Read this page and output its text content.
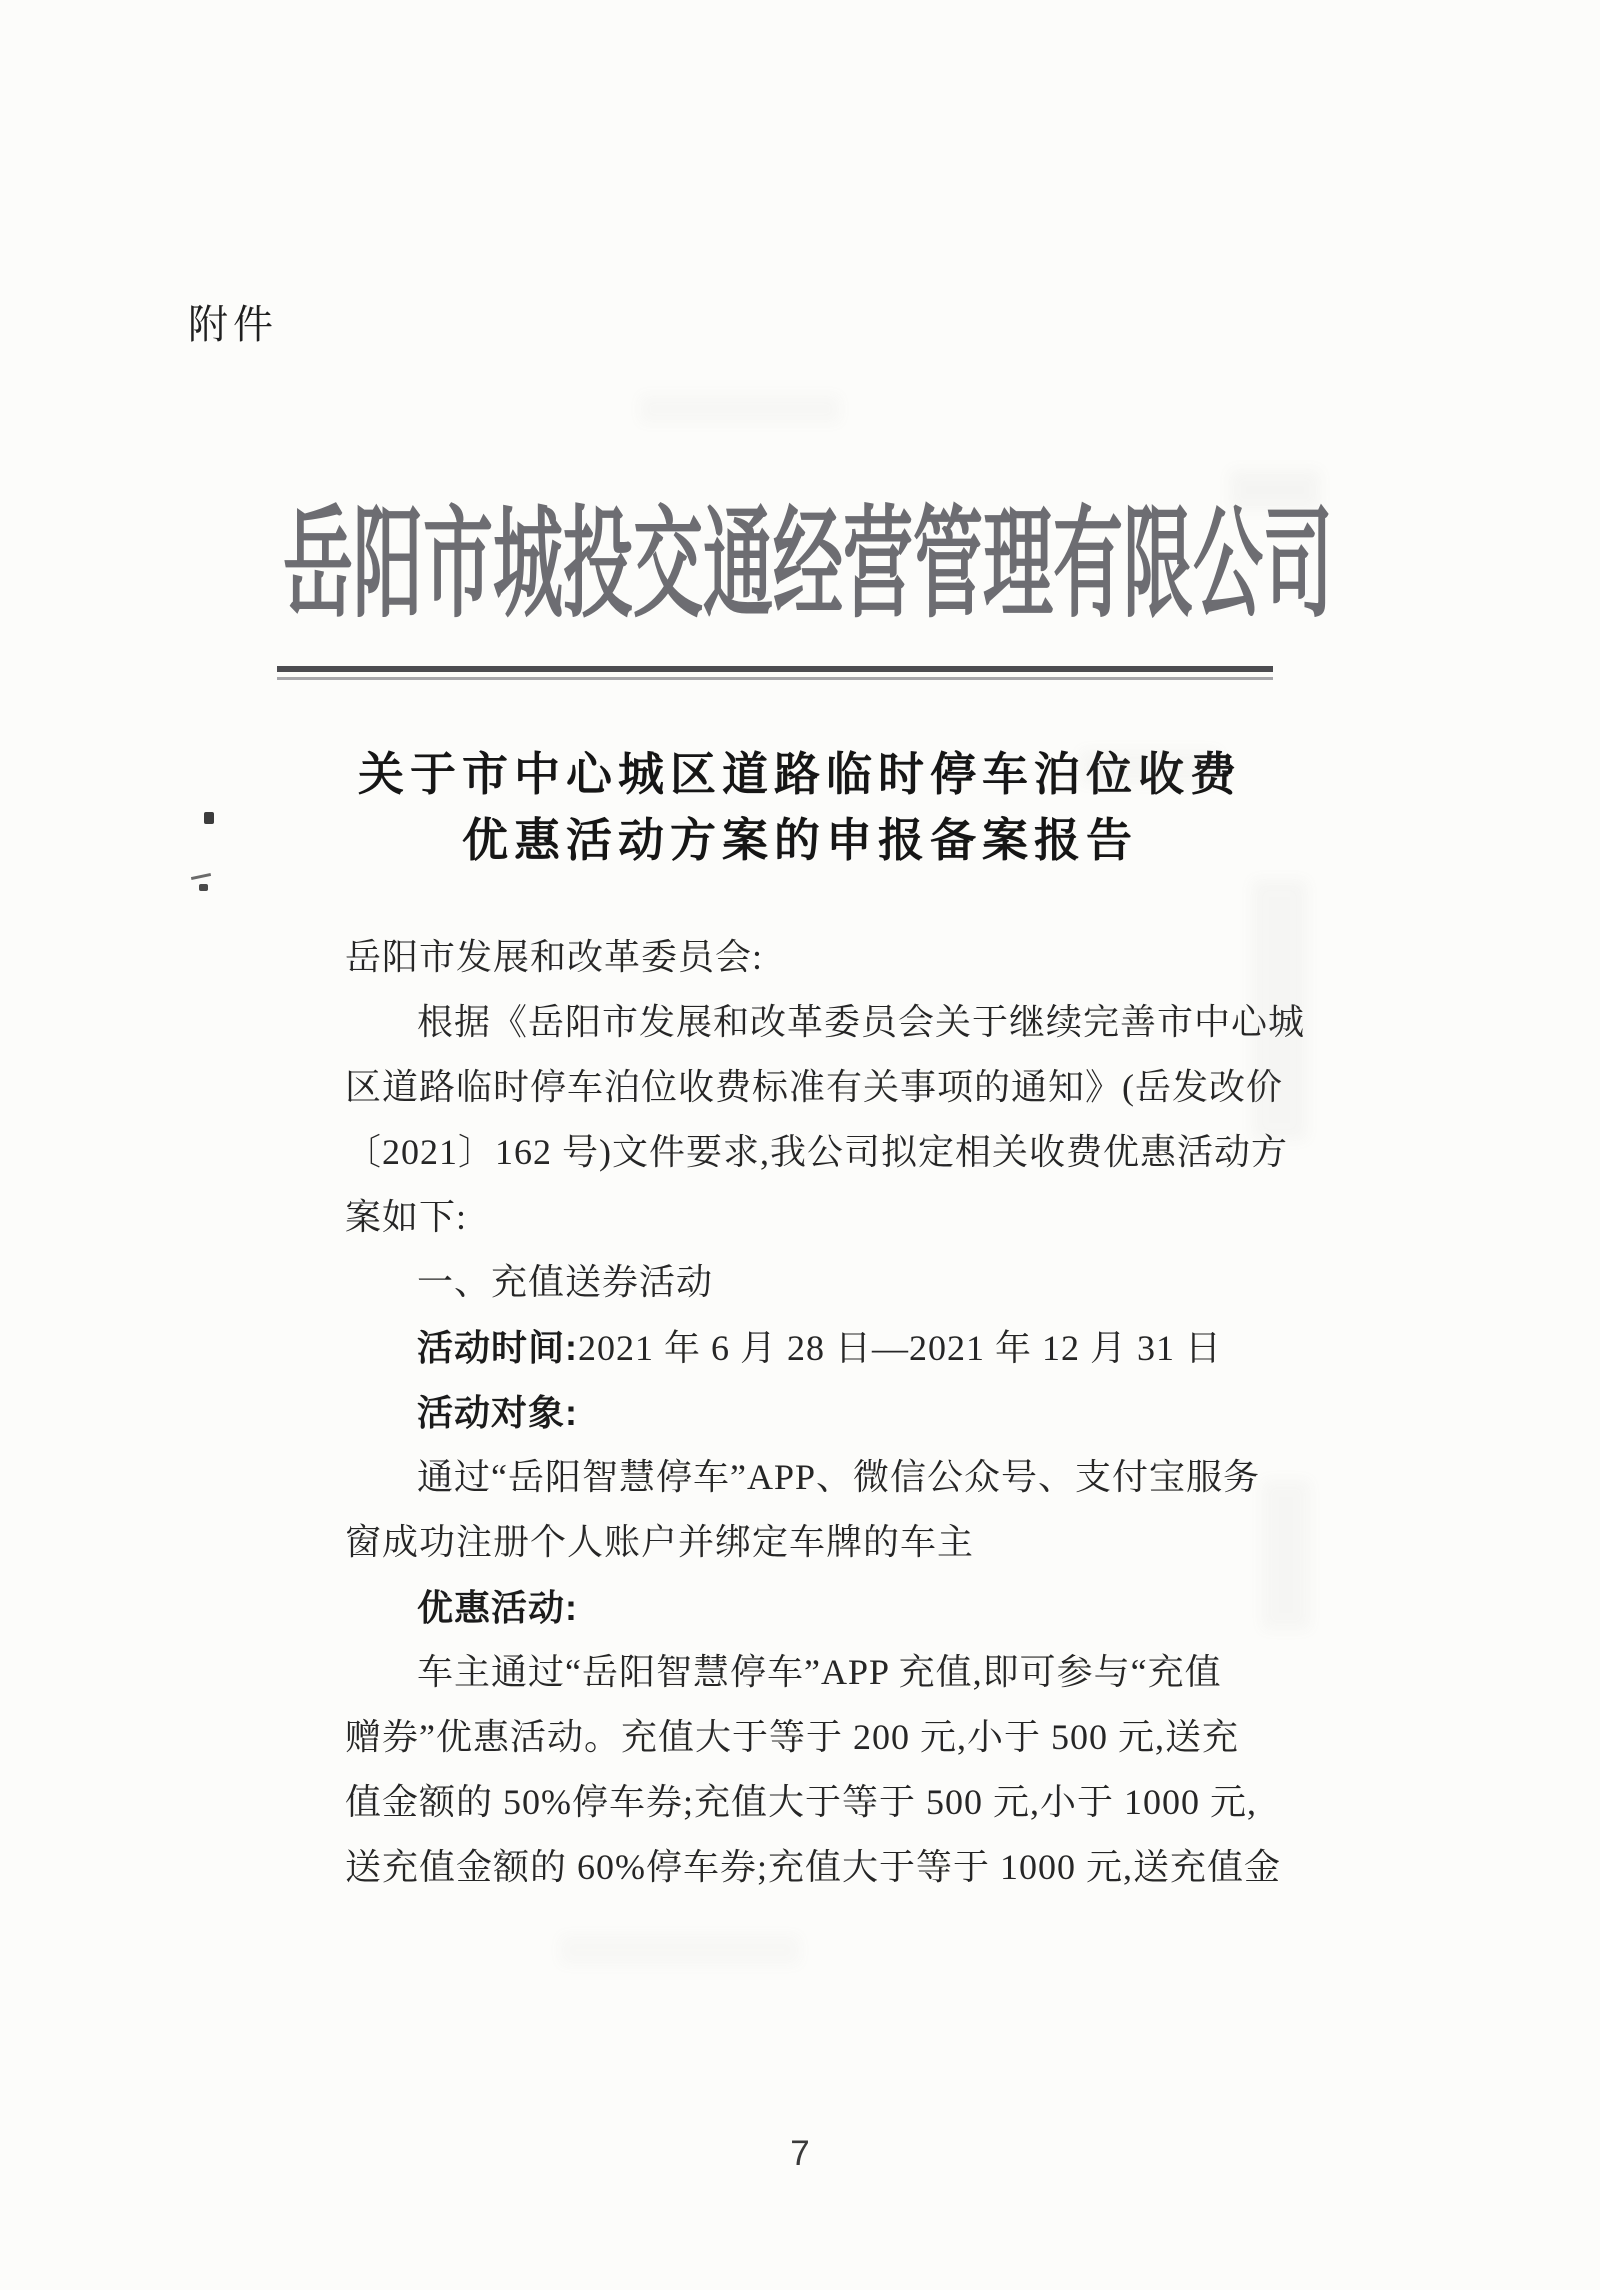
附件
岳阳市城投交通经营管理有限公司
关于市中心城区道路临时停车泊位收费
优惠活动方案的申报备案报告
岳阳市发展和改革委员会:
根据《岳阳市发展和改革委员会关于继续完善市中心城
区道路临时停车泊位收费标准有关事项的通知》(岳发改价
〔2021〕162 号)文件要求,我公司拟定相关收费优惠活动方
案如下:
一、充值送券活动
活动时间:2021 年 6 月 28 日—2021 年 12 月 31 日
活动对象:
通过“岳阳智慧停车”APP、微信公众号、支付宝服务
窗成功注册个人账户并绑定车牌的车主
优惠活动:
车主通过“岳阳智慧停车”APP 充值,即可参与“充值
赠券”优惠活动。充值大于等于 200 元,小于 500 元,送充
值金额的 50%停车券;充值大于等于 500 元,小于 1000 元,
送充值金额的 60%停车券;充值大于等于 1000 元,送充值金
7
